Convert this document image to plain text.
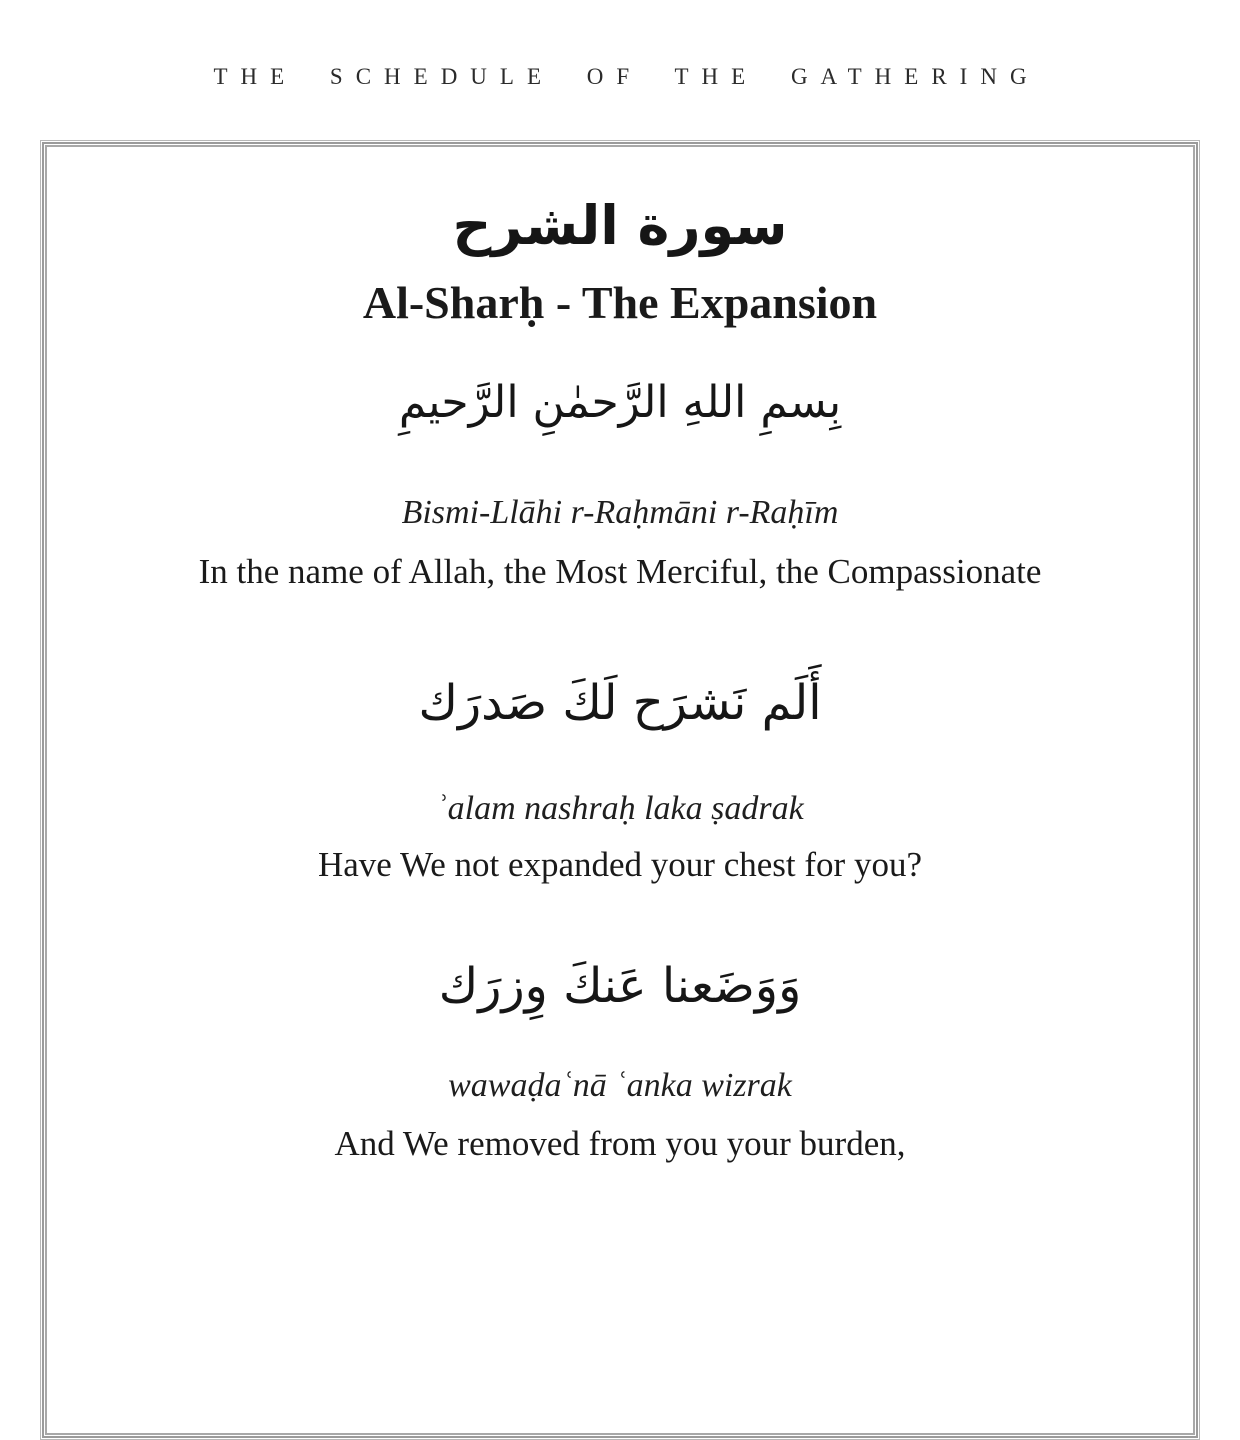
THE SCHEDULE OF THE GATHERING
سورة الشرح
Al-Sharḥ - The Expansion
بِسمِ اللهِ الرَّحمٰنِ الرَّحيمِ
Bismi-Llāhi r-Raḥmāni r-Raḥīm
In the name of Allah, the Most Merciful, the Compassionate
أَلَم نَشرَح لَكَ صَدرَك
ʾalam nashraḥ laka ṣadrak
Have We not expanded your chest for you?
وَوَضَعنا عَنكَ وِزرَك
wawaḍaʿnā ʿanka wizrak
And We removed from you your burden,
